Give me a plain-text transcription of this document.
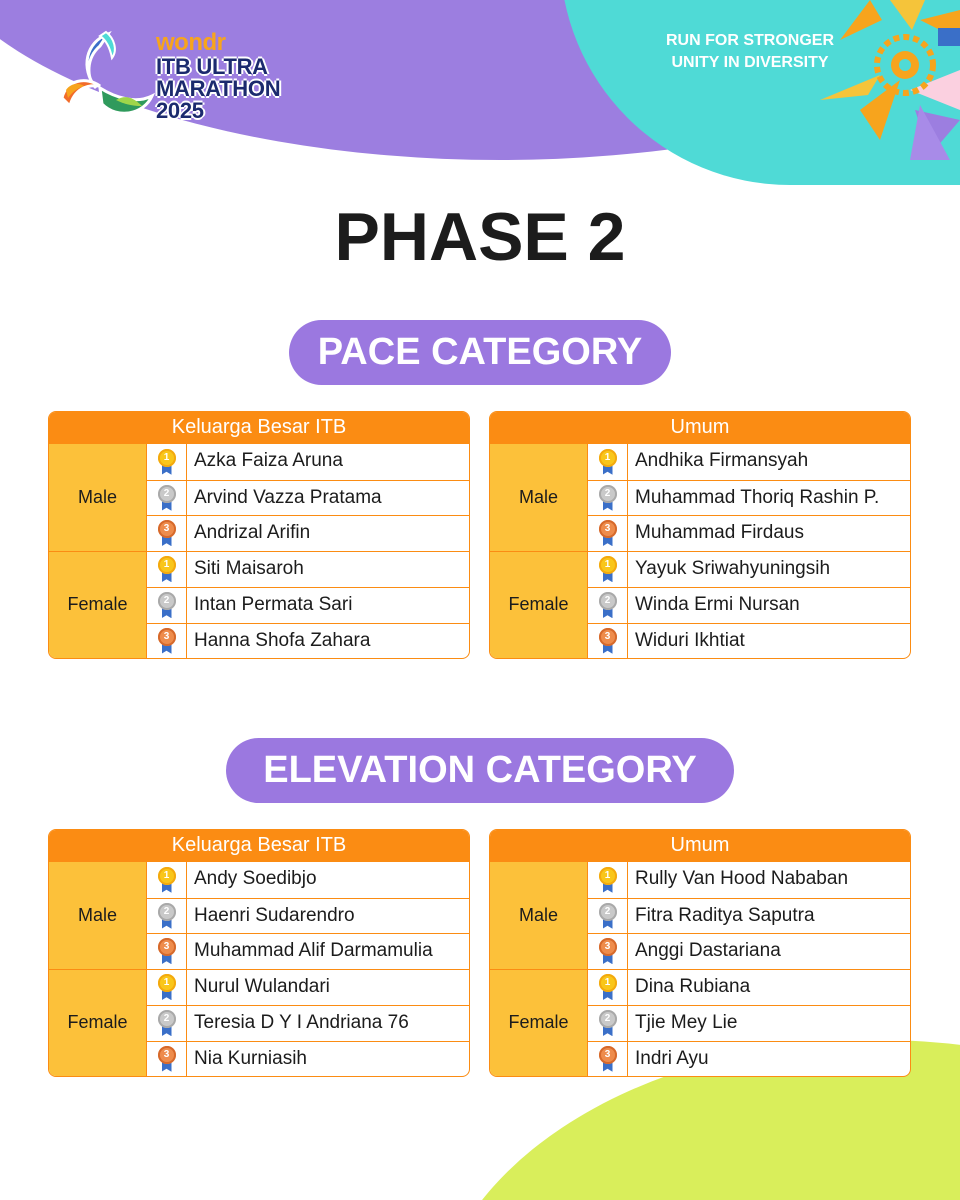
wondr
ITB ULTRA
MARATHON
2025
RUN FOR STRONGER
UNITY IN DIVERSITY
PHASE 2
PACE CATEGORY
ELEVATION CATEGORY
Keluarga Besar ITB
Male
1	Azka Faiza Aruna
2	Arvind Vazza Pratama
3	Andrizal Arifin
Female
1	Siti Maisaroh
2	Intan Permata Sari
3	Hanna Shofa Zahara
Umum
Male
1	Andhika Firmansyah
2	Muhammad Thoriq Rashin P.
3	Muhammad Firdaus
Female
1	Yayuk Sriwahyuningsih
2	Winda Ermi Nursan
3	Widuri Ikhtiat
Keluarga Besar ITB
Male
1	Andy Soedibjo
2	Haenri Sudarendro
3	Muhammad Alif Darmamulia
Female
1	Nurul Wulandari
2	Teresia D Y I Andriana 76
3	Nia Kurniasih
Umum
Male
1	Rully Van Hood Nababan
2	Fitra Raditya Saputra
3	Anggi Dastariana
Female
1	Dina Rubiana
2	Tjie Mey Lie
3	Indri Ayu
